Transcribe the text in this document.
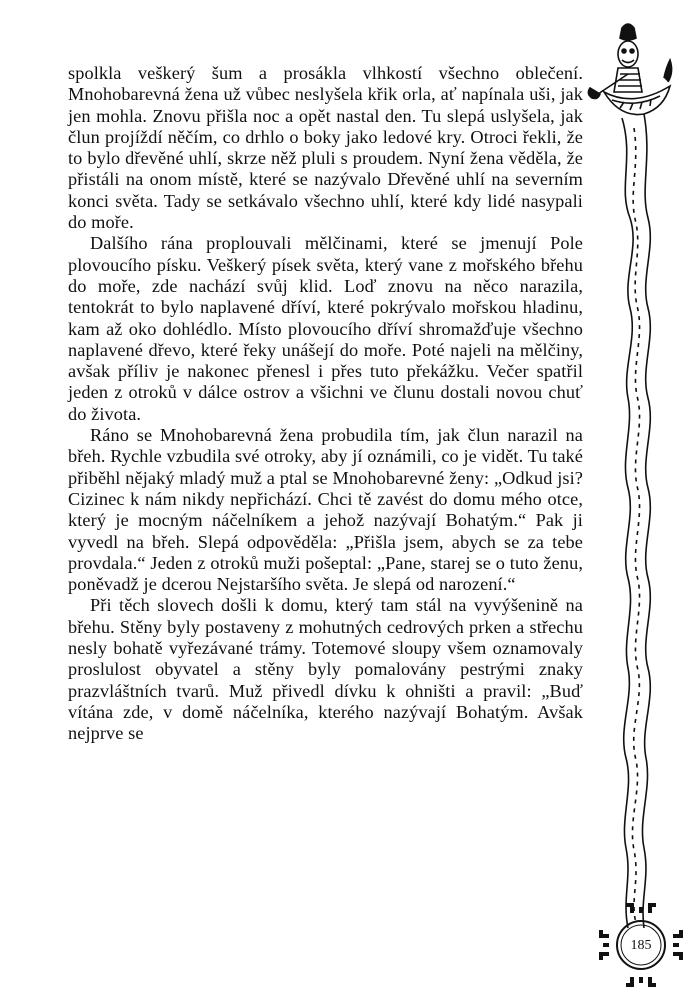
spolkla veškerý šum a prosákla vlhkostí všechno oblečení. Mnohobarevná žena už vůbec neslyšela křik orla, ať napínala uši, jak jen mohla. Znovu přišla noc a opět nastal den. Tu slepá uslyšela, jak člun projíždí něčím, co drhlo o boky jako ledové kry. Otroci řekli, že to bylo dřevěné uhlí, skrze něž pluli s proudem. Nyní žena věděla, že přistáli na onom místě, které se nazývalo Dřevěné uhlí na severním konci světa. Tady se setkávalo všechno uhlí, které kdy lidé nasypali do moře.

Dalšího rána proplouvali mělčinami, které se jmenují Pole plovoucího písku. Veškerý písek světa, který vane z mořského břehu do moře, zde nachází svůj klid. Loď znovu na něco narazila, tentokrát to bylo naplavené dříví, které pokrývalo mořskou hladinu, kam až oko dohlédlo. Místo plovoucího dříví shromažďuje všechno naplavené dřevo, které řeky unášejí do moře. Poté najeli na mělčiny, avšak příliv je nakonec přenesl i přes tuto překážku. Večer spatřil jeden z otroků v dálce ostrov a všichni ve člunu dostali novou chuť do života.

Ráno se Mnohobarevná žena probudila tím, jak člun narazil na břeh. Rychle vzbudila své otroky, aby jí oznámili, co je vidět. Tu také přiběhl nějaký mladý muž a ptal se Mnohobarevné ženy: „Odkud jsi? Cizinec k nám nikdy nepřichází. Chci tě zavést do domu mého otce, který je mocným náčelníkem a jehož nazývají Bohatým.“ Pak ji vyvedl na břeh. Slepá odpověděla: „Přišla jsem, abych se za tebe provdala.“ Jeden z otroků muži pošeptal: „Pane, starej se o tuto ženu, poněvadž je dcerou Nejstaršího světa. Je slepá od narození.“

Při těch slovech došli k domu, který tam stál na vyvýšenině na břehu. Stěny byly postaveny z mohutných cedrových prken a střechu nesly bohatě vyřezávané trámy. Totemové sloupy všem oznamovaly proslulost obyvatel a stěny byly pomalovány pestrými znaky prazvláštních tvarů. Muž přivedl dívku k ohništi a pravil: „Buď vítána zde, v domě náčelníka, kterého nazývají Bohatým. Avšak nejprve se

185
